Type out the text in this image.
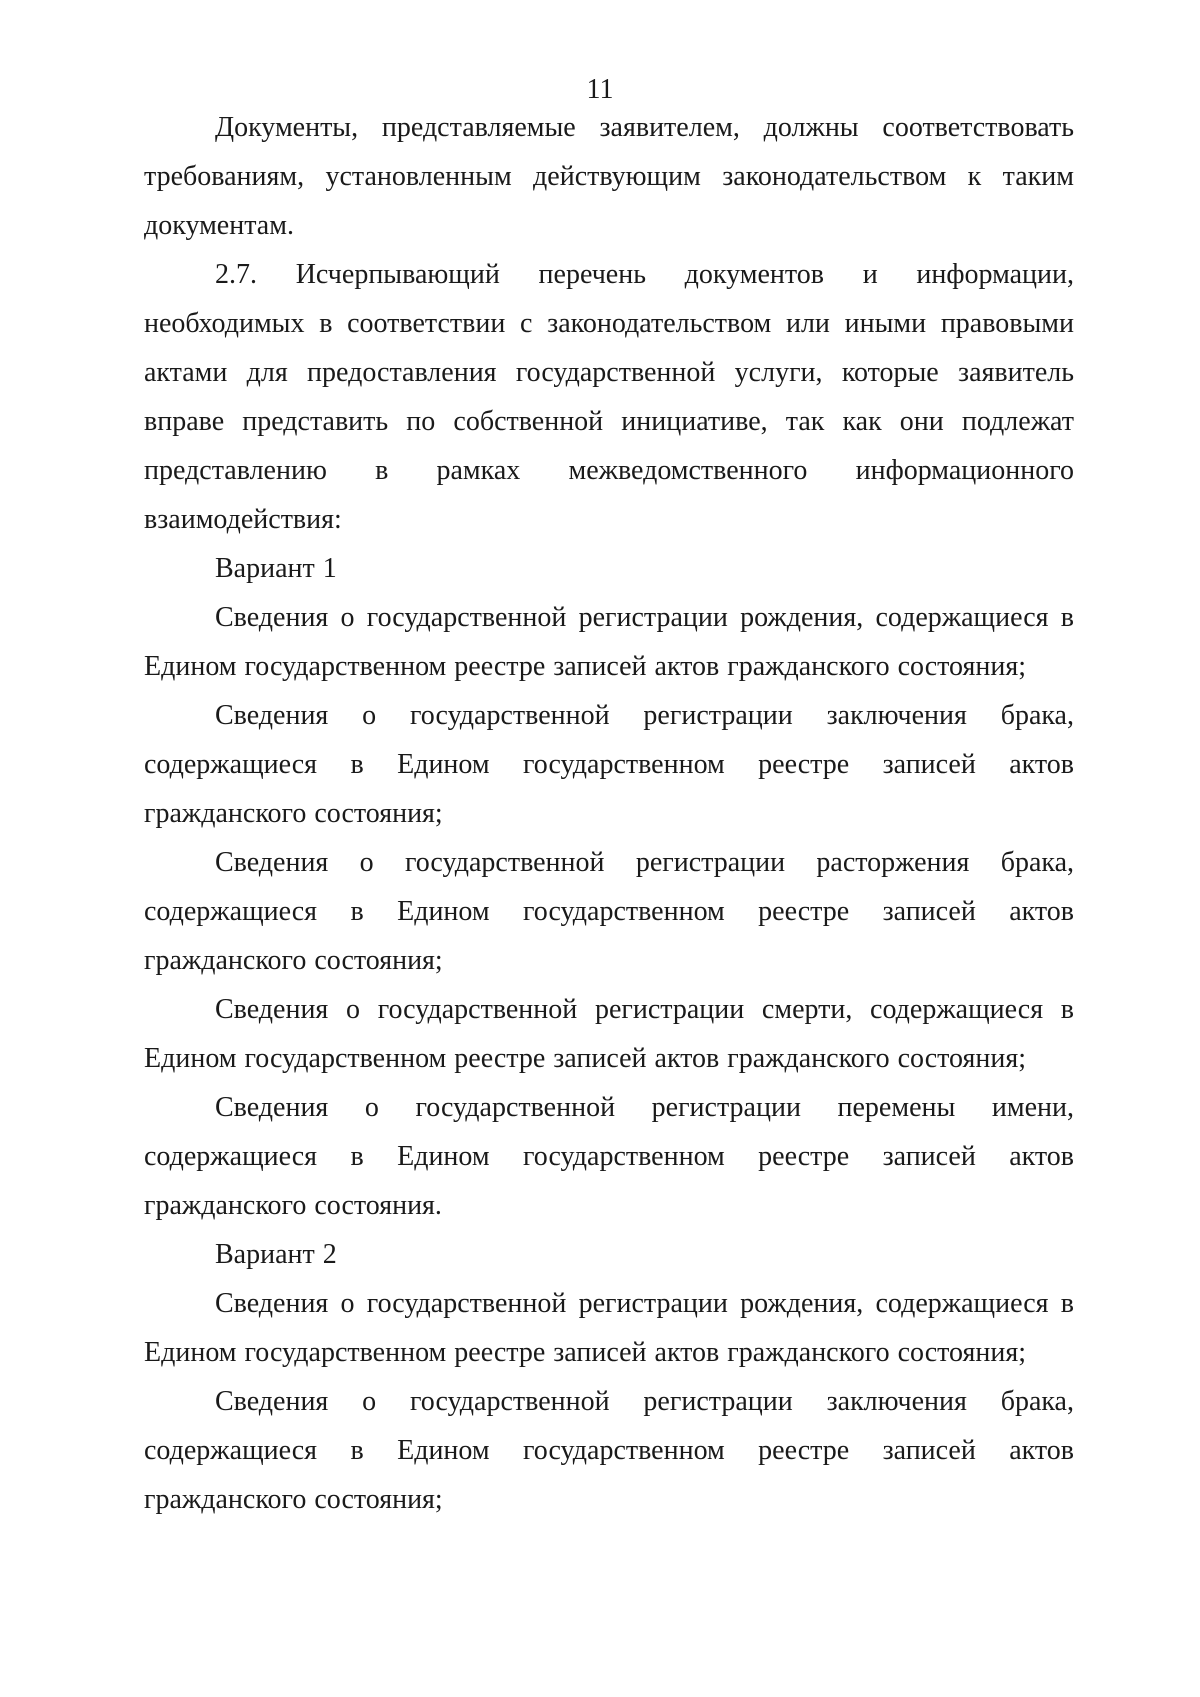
11

Документы, представляемые заявителем, должны соответствовать требованиям, установленным действующим законодательством к таким документам.

2.7. Исчерпывающий перечень документов и информации, необходимых в соответствии с законодательством или иными правовыми актами для предоставления государственной услуги, которые заявитель вправе представить по собственной инициативе, так как они подлежат представлению в рамках межведомственного информационного взаимодействия:

Вариант 1

Сведения о государственной регистрации рождения, содержащиеся в Едином государственном реестре записей актов гражданского состояния;

Сведения о государственной регистрации заключения брака, содержащиеся в Едином государственном реестре записей актов гражданского состояния;

Сведения о государственной регистрации расторжения брака, содержащиеся в Едином государственном реестре записей актов гражданского состояния;

Сведения о государственной регистрации смерти, содержащиеся в Едином государственном реестре записей актов гражданского состояния;

Сведения о государственной регистрации перемены имени, содержащиеся в Едином государственном реестре записей актов гражданского состояния.

Вариант 2

Сведения о государственной регистрации рождения, содержащиеся в Едином государственном реестре записей актов гражданского состояния;

Сведения о государственной регистрации заключения брака, содержащиеся в Едином государственном реестре записей актов гражданского состояния;
